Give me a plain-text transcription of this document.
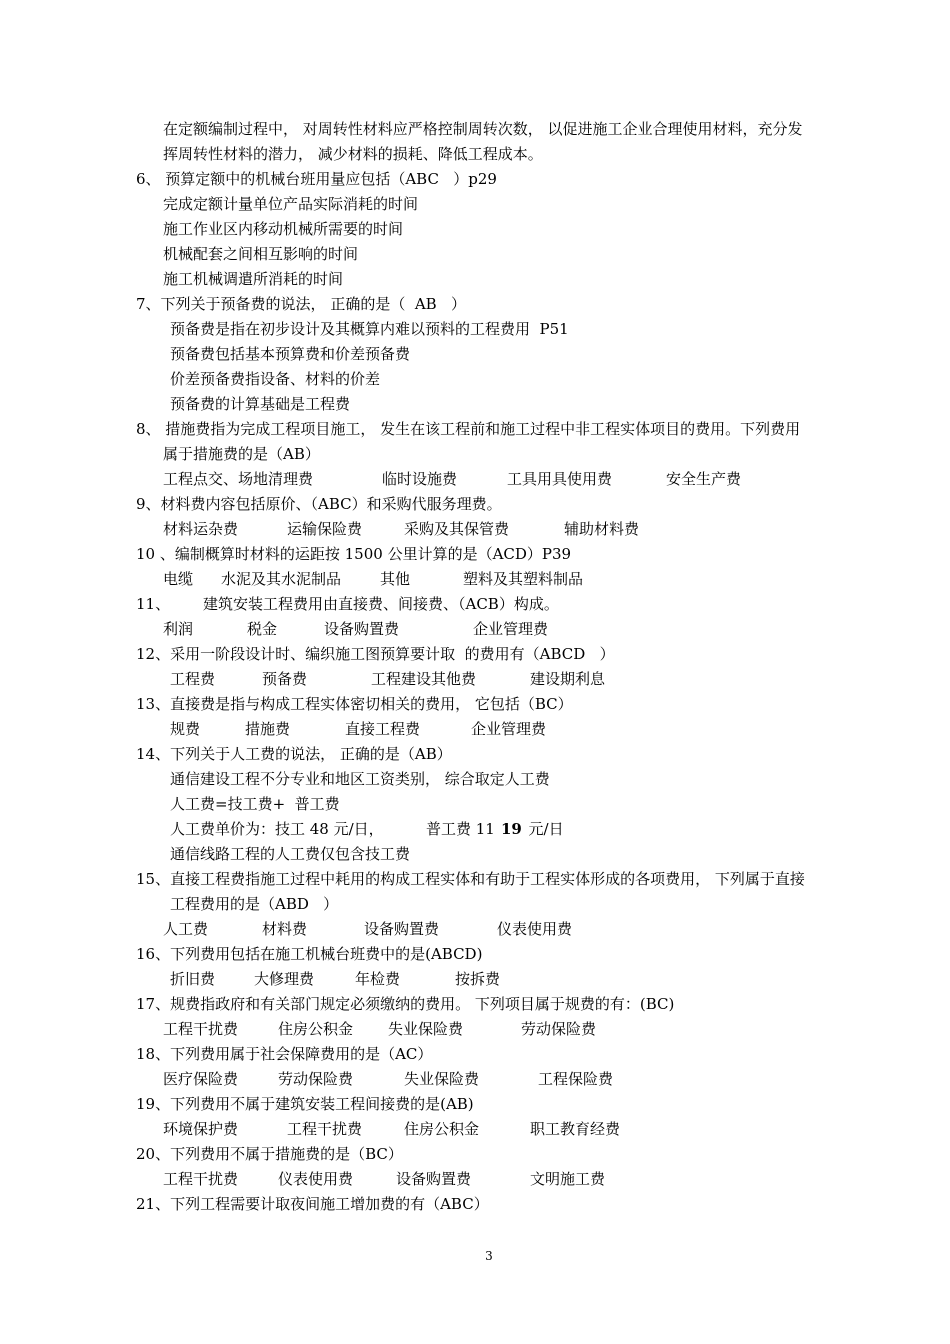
在定额编制过程中， 对周转性材料应严格控制周转次数， 以促进施工企业合理使用材料，充分发

挥周转性材料的潜力， 减少材料的损耗、降低工程成本。

6、 预算定额中的机械台班用量应包括（ABC   ）p29

完成定额计量单位产品实际消耗的时间

施工作业区内移动机械所需要的时间

机械配套之间相互影响的时间

施工机械调遣所消耗的时间

7、下列关于预备费的说法， 正确的是（  AB   ）

预备费是指在初步设计及其概算内难以预料的工程费用  P51

预备费包括基本预算费和价差预备费

价差预备费指设备、材料的价差

预备费的计算基础是工程费

8、 措施费指为完成工程项目施工， 发生在该工程前和施工过程中非工程实体项目的费用。下列费用

属于措施费的是（AB）

工程点交、场地清理费	临时设施费	工具用具使用费	安全生产费

9、材料费内容包括原价、（ABC）和采购代服务理费。

材料运杂费	运输保险费	采购及其保管费	辅助材料费

10 、编制概算时材料的运距按 1500 公里计算的是（ACD）P39

电缆 水泥及其水泥制品	其他	塑料及其塑料制品

11、 建筑安装工程费用由直接费、间接费、（ACB）构成。

利润	税金	设备购置费	企业管理费

12、采用一阶段设计时、编织施工图预算要计取  的费用有（ABCD   ）

工程费	预备费	工程建设其他费	建设期利息

13、直接费是指与构成工程实体密切相关的费用， 它包括（BC）

规费	措施费	直接工程费	企业管理费

14、下列关于人工费的说法， 正确的是（AB）

通信建设工程不分专业和地区工资类别， 综合取定人工费

人工费=技工费+  普工费

人工费单价为：技工 48 元/日，	普工费 11 19
元/日

通信线路工程的人工费仅包含技工费

15、直接工程费指施工过程中耗用的构成工程实体和有助于工程实体形成的各项费用， 下列属于直接

工程费用的是（ABD   ）

人工费	材料费	设备购置费	仪表使用费

16、下列费用包括在施工机械台班费中的是(ABCD)

折旧费	大修理费	年检费	按拆费

17、规费指政府和有关部门规定必须缴纳的费用。 下列项目属于规费的有：(BC)

工程干扰费	住房公积金 失业保险费	劳动保险费

18、下列费用属于社会保障费用的是（AC）

医疗保险费	劳动保险费	失业保险费	工程保险费

19、下列费用不属于建筑安装工程间接费的是(AB)

环境保护费	工程干扰费	住房公积金	职工教育经费

20、下列费用不属于措施费的是（BC）

工程干扰费	仪表使用费	设备购置费	文明施工费

21、下列工程需要计取夜间施工增加费的有（ABC）

3
